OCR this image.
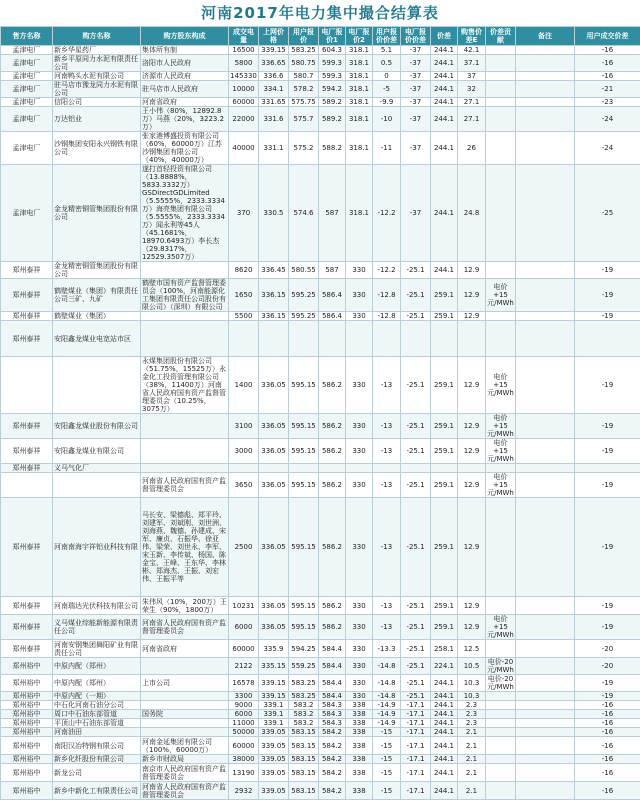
河南2017年电力集中撮合结算表
售方名称	购方名称	购方股东构成	成交电量	上网价格	用户报价	电厂报价1	电厂报价2	用户报价价差	电厂报价价差	价差	购售价差E	价差贡献	备注	用户成交价差
孟津电厂	新乡华星药厂	集体所有制	16500	339.15	583.25	604.3	318.1	5.1	-37	244.1	42.1			-16
孟津电厂	新乡平原同力水泥有限责任公司	洛阳市人民政府	5800	336.65	580.75	599.3	318.1	0.5	-37	244.1	37.1			-16
孟津电厂	河南鸭头水泥有限公司	济源市人民政府	145330	336.6	580.7	599.3	318.1	0	-37	244.1	37			-16
孟津电厂	驻马店市豫龙同力水泥有限公司	驻马店市人民政府	10000	334.1	578.2	594.2	318.1	-5	-37	244.1	32			-21
孟津电厂	信阳公司	河南省政府	60000	331.65	575.75	589.2	318.1	-9.9	-37	244.1	27.1			-23
孟津电厂	万达铝业	王小伟（80%，12892.8万）马燕（20%，3223.2万）	22000	331.6	575.7	589.2	318.1	-10	-37	244.1	27.1			-24
孟津电厂	沙钢集团安阳永兴钢铁有限公司	张家港博盛投资有限公司（60%，60000万）江苏沙钢集团有限公司（40%，40000万）	40000	331.1	575.2	588.2	318.1	-11	-37	244.1	26			-24
孟津电厂	金龙精密铜管集团股份有限公司	遂打首轻投资有限公司（13.8888%，5833.3332万）GSDirectGDLimited（5.5555%，2333.3334万）海亮集团有限公司（5.5555%，2333.3334万）闻永利等45人（45.1681%，18970.6493万）李长杰（29.8317%，12529.3507万）	370	330.5	574.6	587	318.1	-12.2	-37	244.1	24.8			-25
郑州泰祥	金龙精密铜管集团股份有限公司		8620	336.45	580.55	587	330	-12.2	-25.1	244.1	12.9			-19
郑州泰祥	鹤壁煤业（集团）有限责任公司三矿、九矿	鹤壁市国有资产监督管理委员会（100%，河南能源化工集团有限责任公司股份有限公司）（深圳）有限公司	1650	336.15	595.25	586.4	330	-12.8	-25.1	259.1	12.9	电价+15元/MWh		-19
郑州泰祥	鹤壁煤业（集团）		5500	336.15	595.25	586.4	330	-12.8	-25.1	259.1	12.9			-19
郑州泰祥	安阳鑫龙煤业电宽站市区													
		永煤集团股份有限公司（51.75%，15525万）永金化工投资管理有限公司（38%，11400万）河南省人民政府国有资产监督管理委员会（10.25%，3075万）	1400	336.05	595.15	586.2	330	-13	-25.1	259.1	12.9	电价+15元/MWh		-19
郑州泰祥	安阳鑫龙煤业股份有限公司		3100	336.05	595.15	586.2	330	-13	-25.1	259.1	12.9	电价+15元/MWh		-19
郑州泰祥	安阳鑫龙煤业有限公司		3000	336.05	595.15	586.2	330	-13	-25.1	259.1	12.9	电价+15元/MWh		-19
郑州泰祥	义马气化厂													
		河南省人民政府国有资产监督管理委员会	3650	336.05	595.15	586.2	330	-13	-25.1	259.1	12.9	电价+15元/MWh		-19
郑州泰祥	河南南海宇祥铝业科技有限	马长安、梁德彪、郑平玲、刘建军、刘斌刚、刘世洲、刘海燕、魏德、孙建成、宋军、廉贞、石振华、徐亚伟、梁荣、刘世永、李军、宋玉新、李传斌、杨国、陈金宝、王峰、王东华、李林彬、郑海杰、王振、刘宏伟、王振平等	2500	336.05	595.15	586.2	330	-13	-25.1	259.1	12.9			-19
郑州泰祥	河南瑞达光伏科技有限公司	朱伟风（10%，200万）王荣生（90%，1800万）	10231	336.05	595.15	586.2	330	-13	-25.1	259.1	12.9			-19
郑州泰祥	义马煤业综能新能源有限责任公司	河南省人民政府国有资产监督管理委员会	6000	336.05	595.15	586.2	330	-13	-25.1	259.1	12.9	电价+15元/MWh		-19
郑州泰祥	河南安钢集团舞阳矿业有限责任公司	河南省政府	60000	335.9	594.25	584.4	330	-13.3	-25.1	258.1	12.5			-20
郑州裕中	中原内配（郑州）		2122	335.15	559.25	584.4	330	-14.8	-25.1	224.1	10.5	电价-20元/MWh		-20
郑州裕中	中原内配（郑州）	上市公司	16578	339.15	583.25	584.4	330	-14.8	-25.1	244.1	10.3	电价-20元/MWh		-19
郑州裕中	中原内配（一期）		3300	339.15	583.25	584.4	330	-14.8	-25.1	244.1	10.3			-19
郑州裕中	中石化河南石油分公司		9000	339.1	583.2	584.3	338	-14.9	-17.1	244.1	2.3			-16
郑州裕中	周口中石油东部管道	国务院	6000	339.1	583.2	584.3	338	-14.9	-17.1	244.1	2.3			-16
郑州裕中	平顶山中石油东部管道		11000	339.1	583.2	584.3	338	-14.9	-17.1	244.1	2.3			-16
郑州裕中	河南油田		50000	339.05	583.15	584.2	338	-15	-17.1	244.1	2.1			-16
郑州裕中	南阳汉冶特钢有限公司	河南金延集团有限公司（100%，60000万）	60000	339.05	583.15	584.2	338	-15	-17.1	244.1	2.1			-16
郑州裕中	新乡化纤股份有限公司	新乡市财政局	38000	339.05	583.15	584.2	338	-15	-17.1	244.1	2.1			-16
郑州裕中	新龙公司	南京市人民政府国有资产监督管理委员会	13190	339.05	583.15	584.2	338	-15	-17.1	244.1	2.1			-16
郑州裕中	新乡中新化工有限责任公司	河南省人民政府国有资产监督管理委员会	2932	339.05	583.15	584.2	338	-15	-17.1	244.1	2.1			-16
